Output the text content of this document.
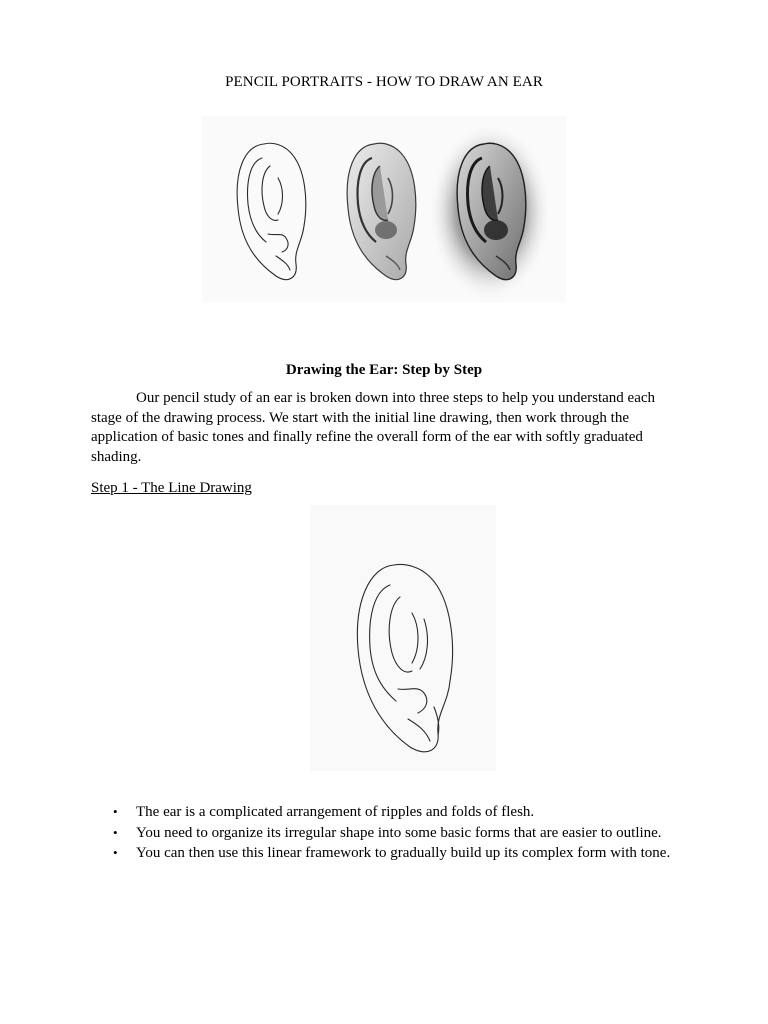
PENCIL PORTRAITS - HOW TO DRAW AN EAR
Drawing the Ear: Step by Step

Our pencil study of an ear is broken down into three steps to help you understand each stage of the drawing process. We start with the initial line drawing, then work through the application of basic tones and finally refine the overall form of the ear with softly graduated shading.

Step 1 - The Line Drawing
• The ear is a complicated arrangement of ripples and folds of flesh.
• You need to organize its irregular shape into some basic forms that are easier to outline.
• You can then use this linear framework to gradually build up its complex form with tone.
